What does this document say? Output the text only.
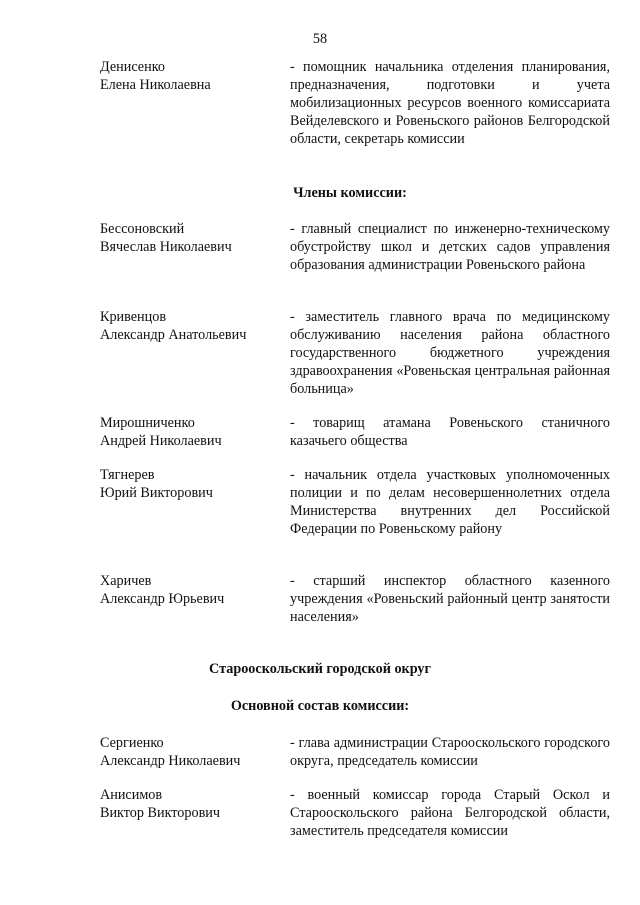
58
Денисенко
Елена Николаевна
- помощник начальника отделения планирования, предназначения, подготовки и учета мобилизационных ресурсов военного комиссариата Вейделевского и Ровеньского районов Белгородской области, секретарь комиссии
Члены комиссии:
Бессоновский
Вячеслав Николаевич
- главный специалист по инженерно-техническому обустройству школ и детских садов управления образования администрации Ровеньского района
Кривенцов
Александр Анатольевич
- заместитель главного врача по медицинскому обслуживанию населения района областного государственного бюджетного учреждения здравоохранения «Ровеньская центральная районная больница»
Мирошниченко
Андрей Николаевич
- товарищ атамана Ровеньского станичного казачьего общества
Тягнерев
Юрий Викторович
- начальник отдела участковых уполномоченных полиции и по делам несовершеннолетних отдела Министерства внутренних дел Российской Федерации по Ровеньскому району
Харичев
Александр Юрьевич
- старший инспектор областного казенного учреждения «Ровеньский районный центр занятости населения»
Старооскольский городской округ
Основной состав комиссии:
Сергиенко
Александр Николаевич
- глава администрации Старооскольского городского округа, председатель комиссии
Анисимов
Виктор Викторович
- военный комиссар города Старый Оскол и Старооскольского района Белгородской области, заместитель председателя комиссии
